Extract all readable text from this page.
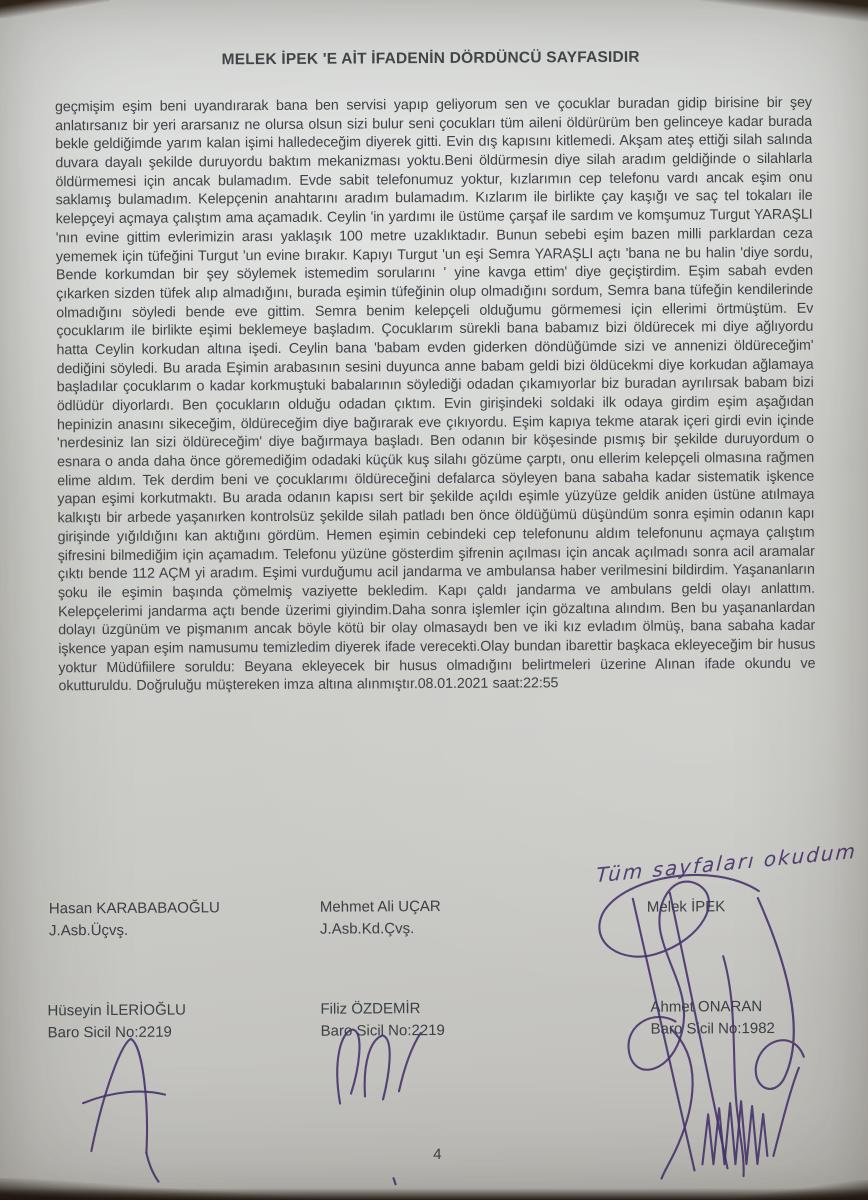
MELEK İPEK 'E AİT İFADENİN DÖRDÜNCÜ SAYFASIDIR
geçmişim eşim beni uyandırarak bana ben servisi yapıp geliyorum sen ve çocuklar buradan gidip birisine bir şey anlatırsanız bir yeri ararsanız ne olursa olsun sizi bulur seni çocukları tüm aileni öldürürüm ben gelinceye kadar burada bekle geldiğimde yarım kalan işimi halledeceğim diyerek gitti. Evin dış kapısını kitlemedi. Akşam ateş ettiği silah salında duvara dayalı şekilde duruyordu baktım mekanizması yoktu.Beni öldürmesin diye silah aradım geldiğinde o silahlarla öldürmemesi için ancak bulamadım. Evde sabit telefonumuz yoktur, kızlarımın cep telefonu vardı ancak eşim onu saklamış bulamadım. Kelepçenin anahtarını aradım bulamadım. Kızlarım ile birlikte çay kaşığı ve saç tel tokaları ile kelepçeyi açmaya çalıştım ama açamadık. Ceylin 'in yardımı ile üstüme çarşaf ile sardım ve komşumuz Turgut YARAŞLI 'nın evine gittim evlerimizin arası yaklaşık 100 metre uzaklıktadır. Bunun sebebi eşim bazen milli parklardan ceza yememek için tüfeğini Turgut 'un evine bırakır. Kapıyı Turgut 'un eşi Semra YARAŞLI açtı 'bana ne bu halin 'diye sordu, Bende korkumdan bir şey söylemek istemedim sorularını ' yine kavga ettim' diye geçiştirdim. Eşim sabah evden çıkarken sizden tüfek alıp almadığını, burada eşimin tüfeğinin olup olmadığını sordum, Semra bana tüfeğin kendilerinde olmadığını söyledi bende eve gittim. Semra benim kelepçeli olduğumu görmemesi için ellerimi örtmüştüm. Ev çocuklarım ile birlikte eşimi beklemeye başladım. Çocuklarım sürekli bana babamız bizi öldürecek mi diye ağlıyordu hatta Ceylin korkudan altına işedi. Ceylin bana 'babam evden giderken döndüğümde sizi ve annenizi öldüreceğim' dediğini söyledi. Bu arada Eşimin arabasının sesini duyunca anne babam geldi bizi öldücekmi diye korkudan ağlamaya başladılar çocuklarım o kadar korkmuştuki babalarının söylediği odadan çıkamıyorlar biz buradan ayrılırsak babam bizi ödlüdür diyorlardı. Ben çocukların olduğu odadan çıktım. Evin girişindeki soldaki ilk odaya girdim eşim aşağıdan hepinizin anasını sikeceğim, öldüreceğim diye bağırarak eve çıkıyordu. Eşim kapıya tekme atarak içeri girdi evin içinde 'nerdesiniz lan sizi öldüreceğim' diye bağırmaya başladı. Ben odanın bir köşesinde pısmış bir şekilde duruyordum o esnara o anda daha önce göremediğim odadaki küçük kuş silahı gözüme çarptı, onu ellerim kelepçeli olmasına rağmen elime aldım. Tek derdim beni ve çocuklarımı öldüreceğini defalarca söyleyen bana sabaha kadar sistematik işkence yapan eşimi korkutmaktı. Bu arada odanın kapısı sert bir şekilde açıldı eşimle yüzyüze geldik aniden üstüne atılmaya kalkıştı bir arbede yaşanırken kontrolsüz şekilde silah patladı ben önce öldüğümü düşündüm sonra eşimin odanın kapı girişinde yığıldığını kan aktığını gördüm. Hemen eşimin cebindeki cep telefonunu aldım telefonunu açmaya çalıştım şifresini bilmediğim için açamadım. Telefonu yüzüne gösterdim şifrenin açılması için ancak açılmadı sonra acil aramalar çıktı bende 112 AÇM yi aradım. Eşimi vurduğumu acil jandarma ve ambulansa haber verilmesini bildirdim. Yaşananların şoku ile eşimin başında çömelmiş vaziyette bekledim. Kapı çaldı jandarma ve ambulans geldi olayı anlattım. Kelepçelerimi jandarma açtı bende üzerimi giyindim.Daha sonra işlemler için gözaltına alındım. Ben bu yaşananlardan dolayı üzgünüm ve pişmanım ancak böyle kötü bir olay olmasaydı ben ve iki kız evladım ölmüş, bana sabaha kadar işkence yapan eşim namusumu temizledim diyerek ifade verecekti.Olay bundan ibarettir başkaca ekleyeceğim bir husus yoktur Müdüfiilere soruldu: Beyana ekleyecek bir husus olmadığını belirtmeleri üzerine Alınan ifade okundu ve okutturuldu. Doğruluğu müştereken imza altına alınmıştır.08.01.2021 saat:22:55
Tüm sayfaları okudum
Hasan KARABABAOĞLU
J.Asb.Üçvş.
Mehmet Ali UÇAR
J.Asb.Kd.Çvş.
Melek İPEK
Hüseyin İLERİOĞLU
Baro Sicil No:2219
Filiz ÖZDEMİR
Baro Sicil No:2219
Ahmet ONARAN
Baro Sicil No:1982
4
